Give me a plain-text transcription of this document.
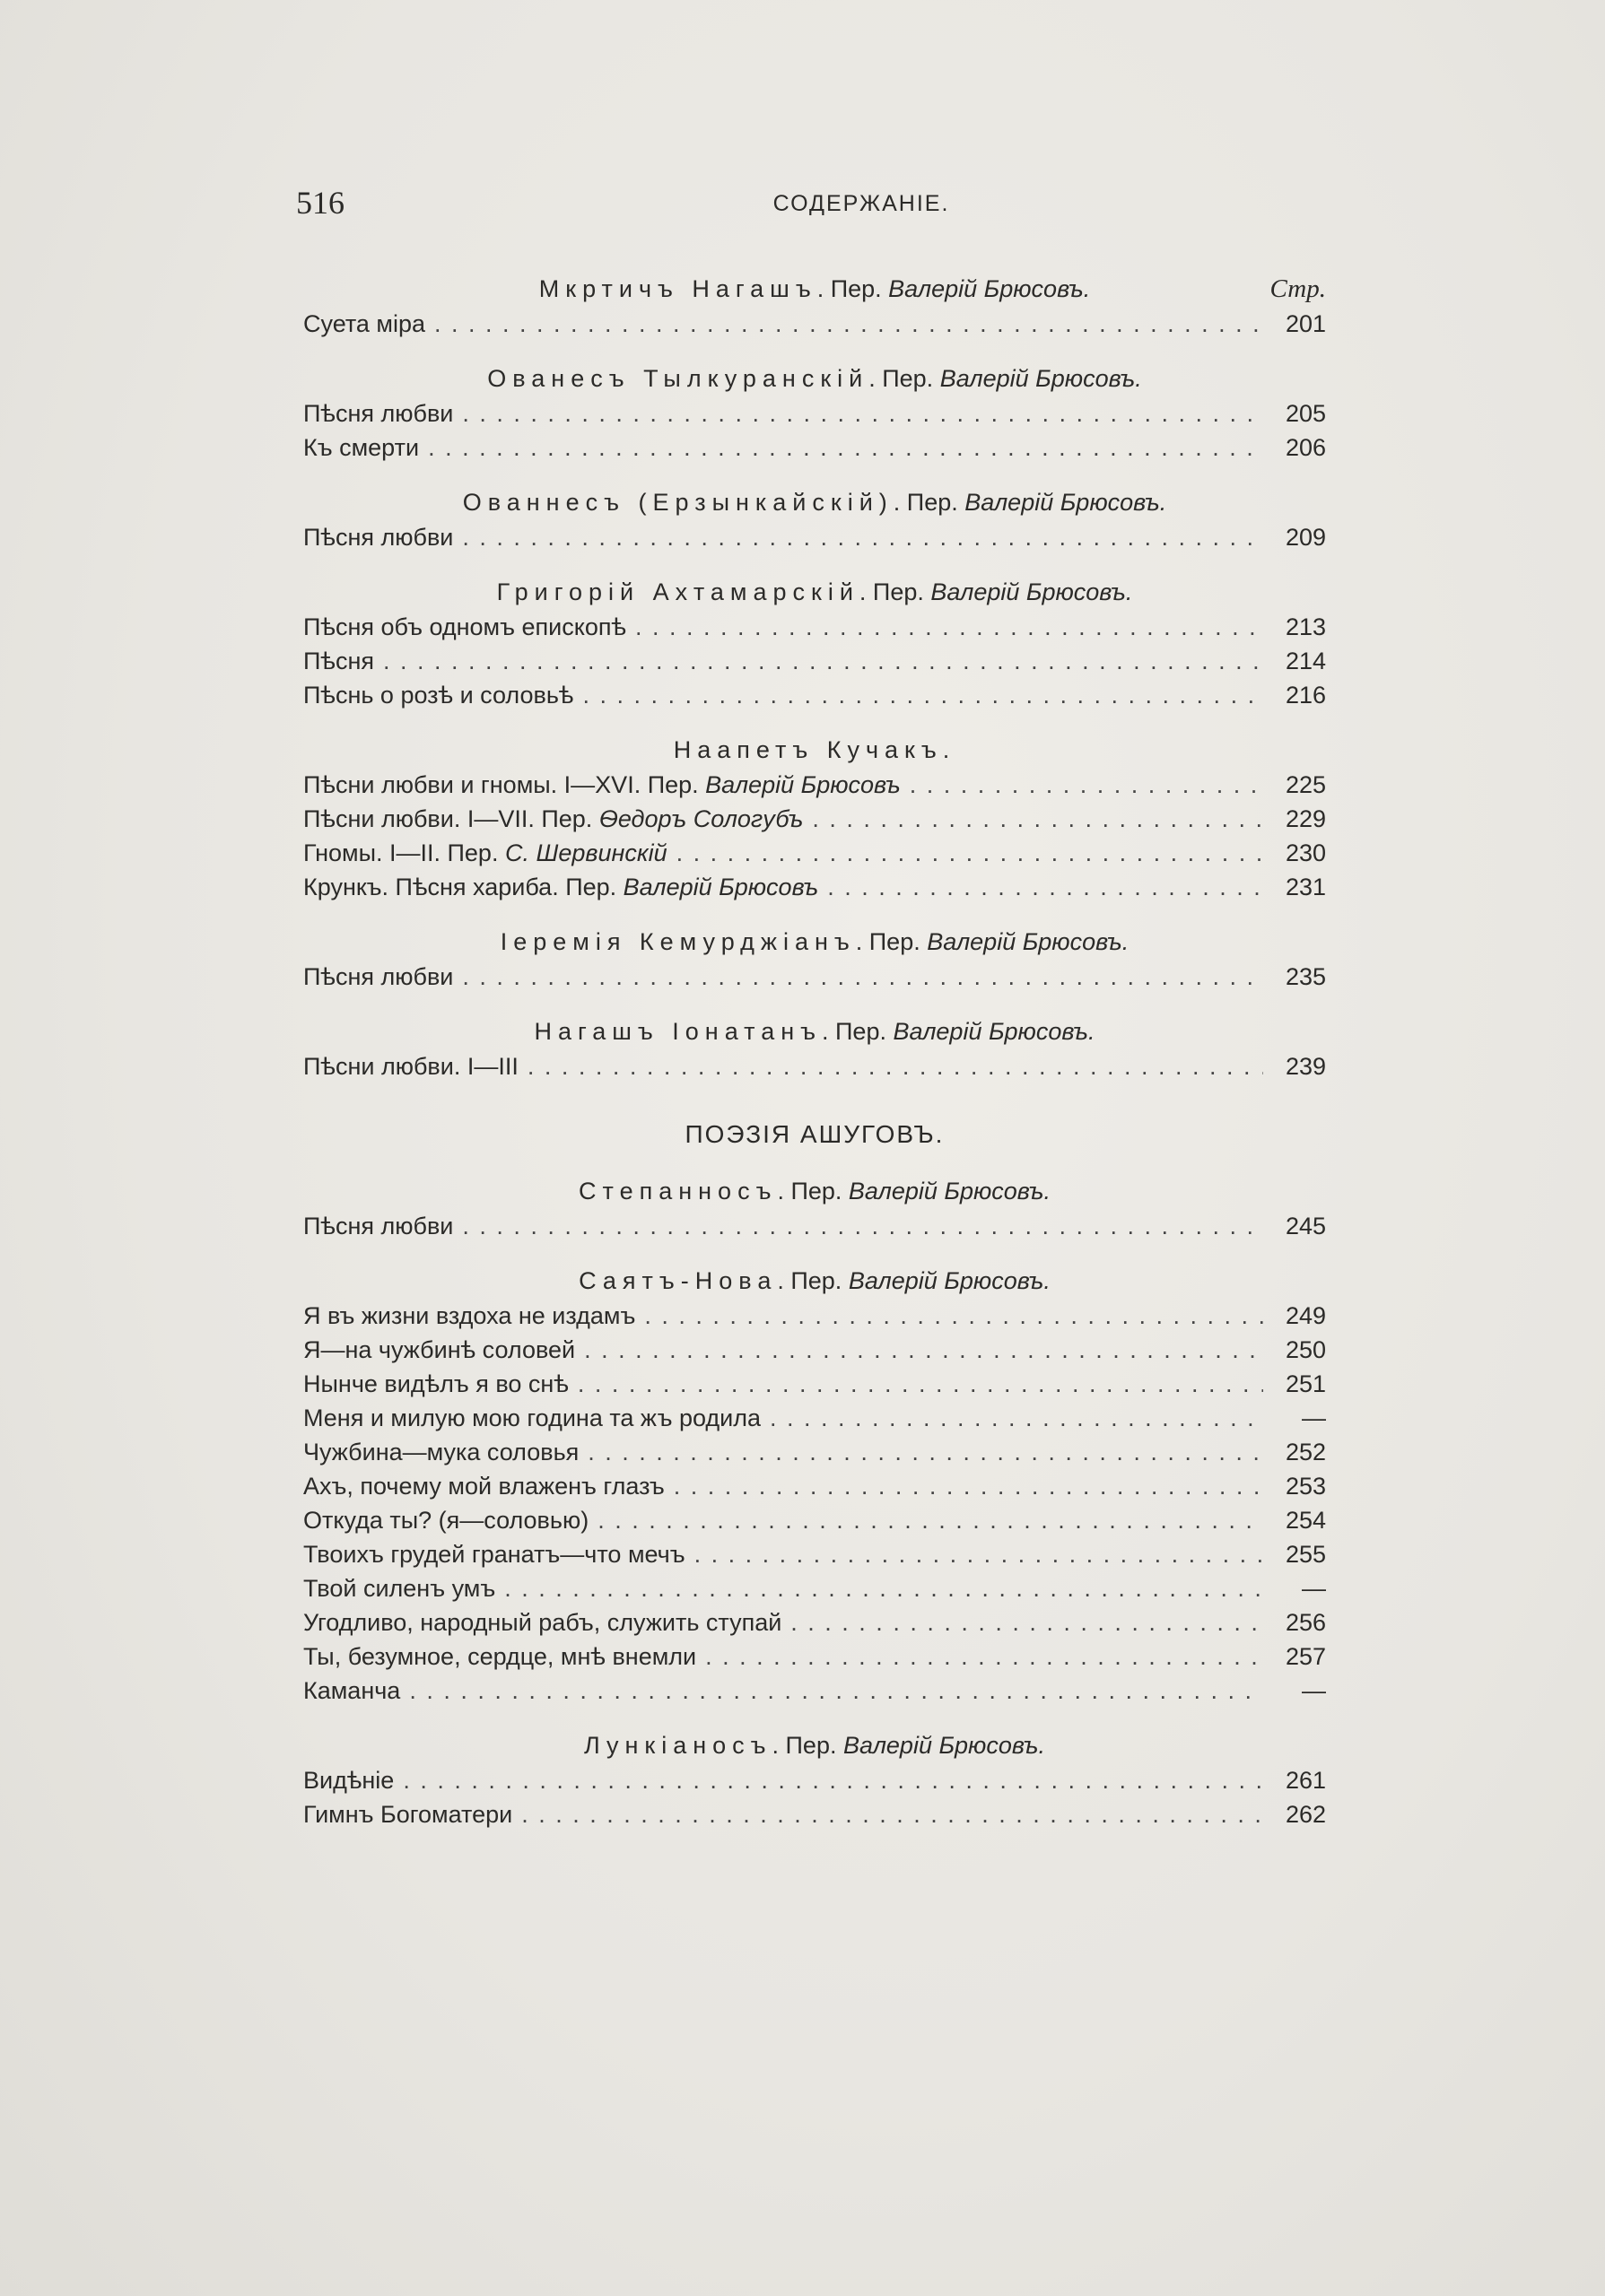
516	СОДЕРЖАНІЕ.
Мкртичъ Нагашъ. Пер. Валерій Брюсовъ.	Стр.
Суета міра . . .	201
Ованесъ Тылкуранскій. Пер. Валерій Брюсовъ.
Пѣсня любви . . .	205
Къ смерти . . .	206
Ованнесъ (Ерзынкайскій). Пер. Валерій Брюсовъ.
Пѣсня любви . . .	209
Григорій Ахтамарскій. Пер. Валерій Брюсовъ.
Пѣсня объ одномъ епископѣ . . .	213
Пѣсня . . .	214
Пѣснь о розѣ и соловьѣ . . .	216
Наапетъ Кучакъ.
Пѣсни любви и гномы. I—XVI. Пер. Валерій Брюсовъ . . .	225
Пѣсни любви. I—VII. Пер. Ѳедоръ Сологубъ . . .	229
Гномы. I—II. Пер. С. Шервинскій . . .	230
Крункъ. Пѣсня хариба. Пер. Валерій Брюсовъ . . .	231
Іеремія Кемурджіанъ. Пер. Валерій Брюсовъ.
Пѣсня любви . . .	235
Нагашъ Іонатанъ. Пер. Валерій Брюсовъ.
Пѣсни любви. I—III . . .	239
ПОЭЗІЯ АШУГОВЪ.
Степанносъ. Пер. Валерій Брюсовъ.
Пѣсня любви . . .	245
Саятъ-Нова. Пер. Валерій Брюсовъ.
Я въ жизни вздоха не издамъ . . .	249
Я—на чужбинѣ соловей . . .	250
Нынче видѣлъ я во снѣ . . .	251
Меня и милую мою година та жъ родила . . .	—
Чужбина—мука соловья . . .	252
Ахъ, почему мой влаженъ глазъ . . .	253
Откуда ты? (я—соловью) . . .	254
Твоихъ грудей гранатъ—что мечъ . . .	255
Твой силенъ умъ . . .	—
Угодливо, народный рабъ, служить ступай . . .	256
Ты, безумное, сердце, мнѣ внемли . . .	257
Каманча . . .	—
Лункіаносъ. Пер. Валерій Брюсовъ.
Видѣніе . . .	261
Гимнъ Богоматери . . .	262
